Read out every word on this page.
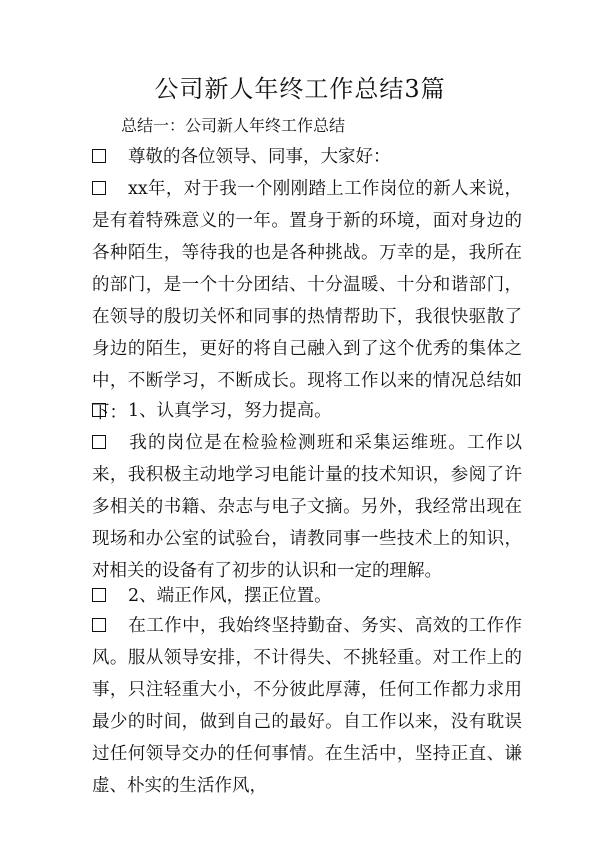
公司新人年终工作总结3篇
总结一：公司新人年终工作总结

尊敬的各位领导、同事，大家好：

xx年，对于我一个刚刚踏上工作岗位的新人来说，是有着特殊意义的一年。置身于新的环境，面对身边的各种陌生，等待我的也是各种挑战。万幸的是，我所在的部门，是一个十分团结、十分温暖、十分和谐部门，在领导的殷切关怀和同事的热情帮助下，我很快驱散了身边的陌生，更好的将自己融入到了这个优秀的集体之中，不断学习，不断成长。现将工作以来的情况总结如下： 1、认真学习，努力提高。

我的岗位是在检验检测班和采集运维班。工作以来，我积极主动地学习电能计量的技术知识，参阅了许多相关的书籍、杂志与电子文摘。另外，我经常出现在现场和办公室的试验台，请教同事一些技术上的知识，对相关的设备有了初步的认识和一定的理解。

2、端正作风，摆正位置。

在工作中，我始终坚持勤奋、务实、高效的工作作风。服从领导安排，不计得失、不挑轻重。对工作上的事，只注轻重大小，不分彼此厚薄，任何工作都力求用最少的时间，做到自己的最好。自工作以来，没有耽误过任何领导交办的任何事情。在生活中，坚持正直、谦虚、朴实的生活作风，
